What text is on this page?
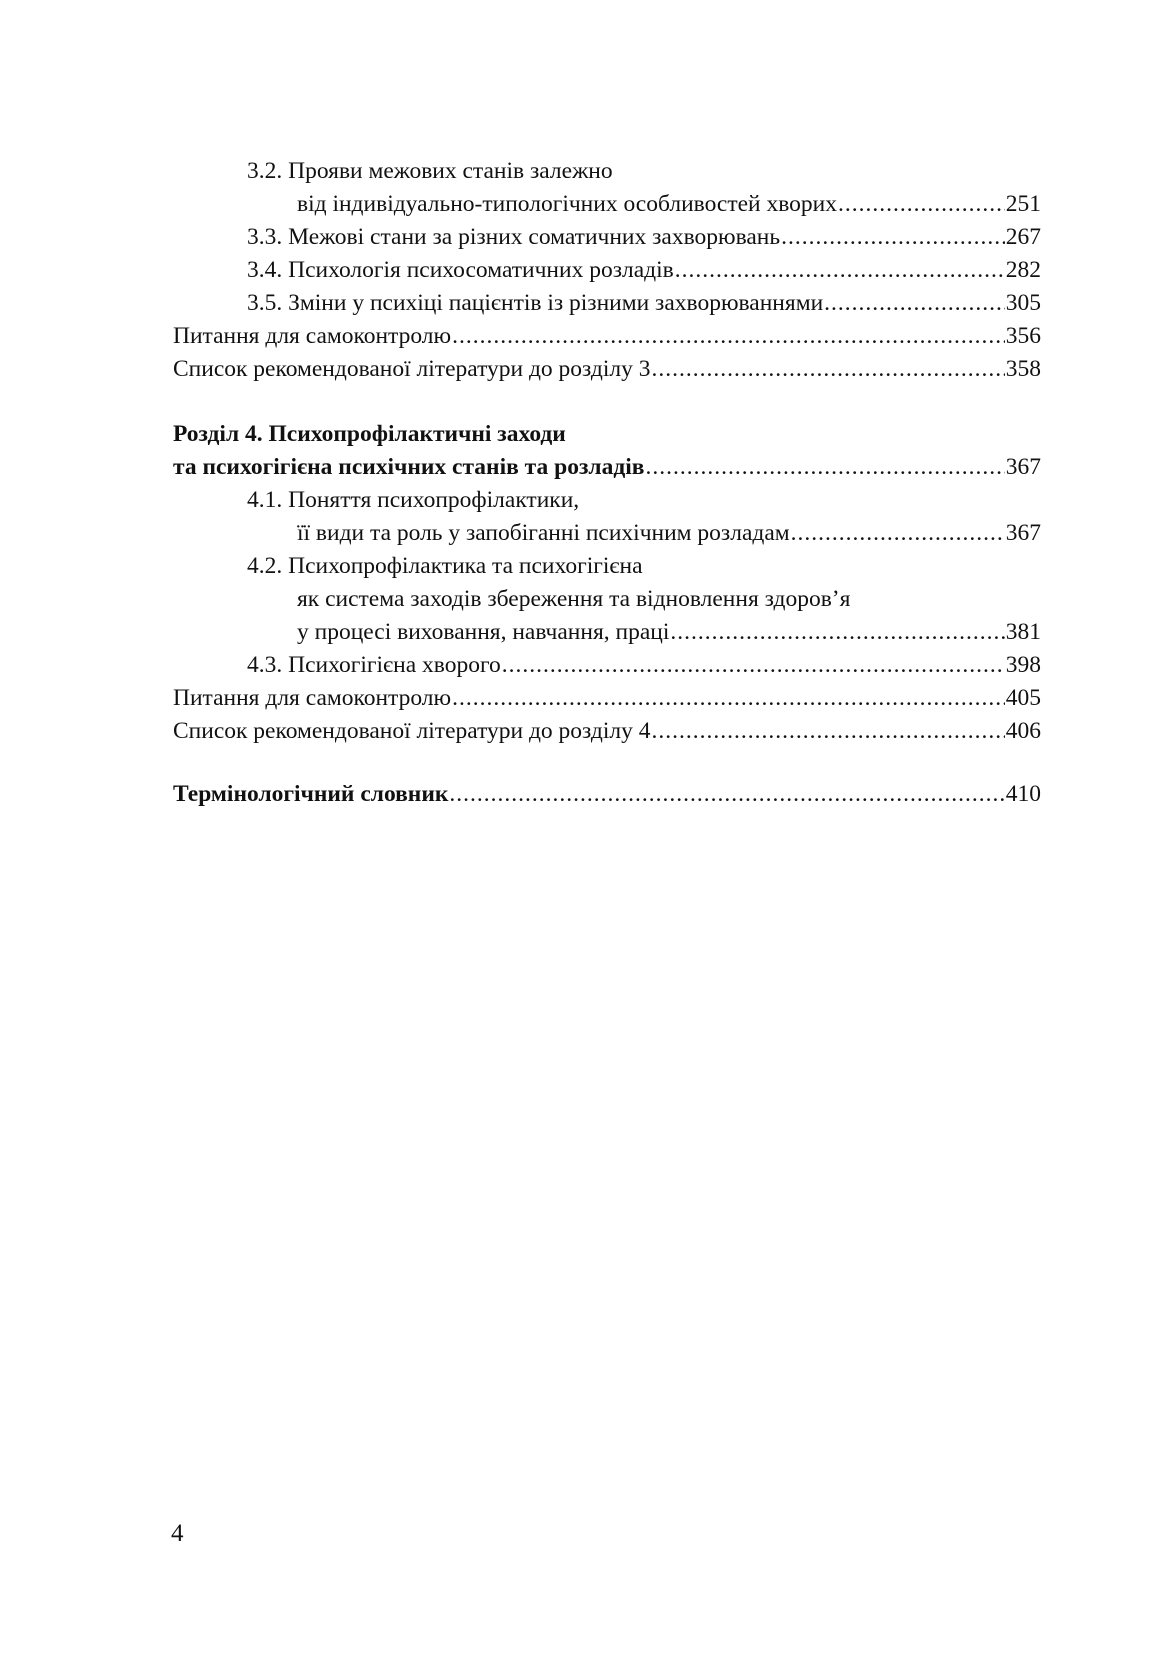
3.2. Прояви межових станів залежно
від індивідуально-типологічних особливостей хворих .....	251
3.3. Межові стани за різних соматичних захворювань .....	267
3.4. Психологія психосоматичних розладів .....	282
3.5. Зміни у психіці пацієнтів із різними захворюваннями .....	305
Питання для самоконтролю .....	356
Список рекомендованої літератури до розділу 3 .....	358
Розділ 4. Психопрофілактичні заходи
та психогігієна психічних станів та розладів .....	367
4.1. Поняття психопрофілактики,
її види та роль у запобіганні психічним розладам .....	367
4.2. Психопрофілактика та психогігієна
як система заходів збереження та відновлення здоров’я
у процесі виховання, навчання, праці .....	381
4.3. Психогігієна хворого .....	398
Питання для самоконтролю .....	405
Список рекомендованої літератури до розділу 4 .....	406
Термінологічний словник .....	410
4
